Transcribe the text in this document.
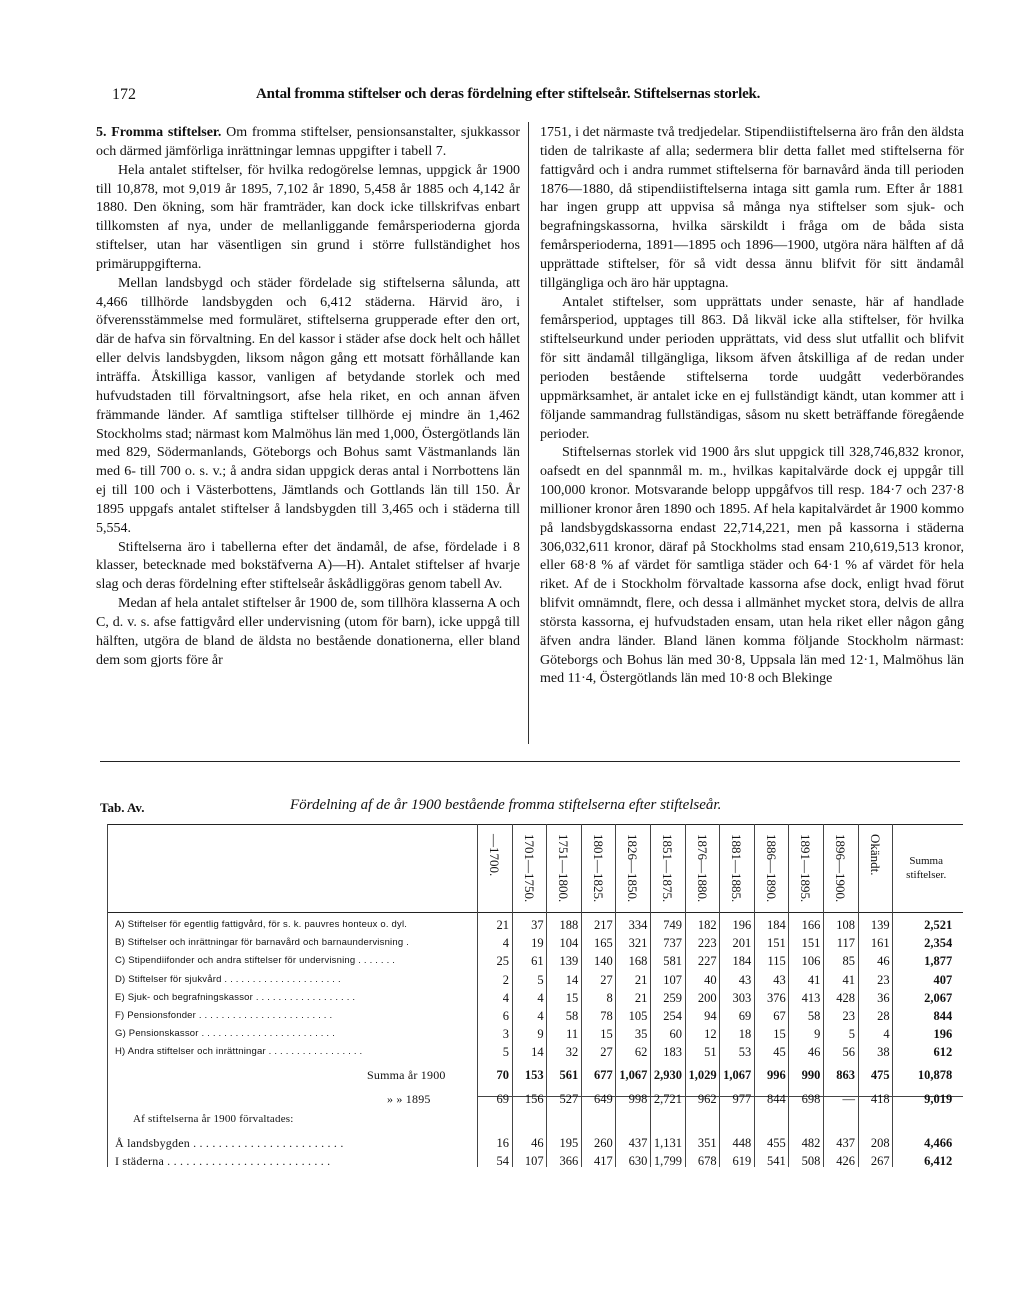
172	Antal fromma stiftelser och deras fördelning efter stiftelseår. Stiftelsernas storlek.

5. Fromma stiftelser. Om fromma stiftelser, pensionsanstalter, sjukkassor och därmed jämförliga inrättningar lemnas uppgifter i tabell 7.

Hela antalet stiftelser, för hvilka redogörelse lemnas, uppgick år 1900 till 10,878, mot 9,019 år 1895, 7,102 år 1890, 5,458 år 1885 och 4,142 år 1880. Den ökning, som här framträder, kan dock icke tillskrifvas enbart tillkomsten af nya, under de mellanliggande femårsperioderna gjorda stiftelser, utan har väsentligen sin grund i större fullständighet hos primäruppgifterna.

Mellan landsbygd och städer fördelade sig stiftelserna sålunda, att 4,466 tillhörde landsbygden och 6,412 städerna. Härvid äro, i öfverensstämmelse med formuläret, stiftelserna grupperade efter den ort, där de hafva sin förvaltning. En del kassor i städer afse dock helt och hållet eller delvis landsbygden, liksom någon gång ett motsatt förhållande kan inträffa. Åtskilliga kassor, vanligen af betydande storlek och med hufvudstaden till förvaltningsort, afse hela riket, en och annan äfven främmande länder. Af samtliga stiftelser tillhörde ej mindre än 1,462 Stockholms stad; närmast kom Malmöhus län med 1,000, Östergötlands län med 829, Södermanlands, Göteborgs och Bohus samt Västmanlands län med 6- till 700 o. s. v.; å andra sidan uppgick deras antal i Norrbottens län ej till 100 och i Västerbottens, Jämtlands och Gottlands län till 150. År 1895 uppgafs antalet stiftelser å landsbygden till 3,465 och i städerna till 5,554.

Stiftelserna äro i tabellerna efter det ändamål, de afse, fördelade i 8 klasser, betecknade med bokstäfverna A)—H). Antalet stiftelser af hvarje slag och deras fördelning efter stiftelseår åskådliggöras genom tabell Av.

Medan af hela antalet stiftelser år 1900 de, som tillhöra klasserna A och C, d. v. s. afse fattigvård eller undervisning (utom för barn), icke uppgå till hälften, utgöra de bland de äldsta no bestående donationerna, eller bland dem som gjorts före år

1751, i det närmaste två tredjedelar. Stipendiistiftelserna äro från den äldsta tiden de talrikaste af alla; sedermera blir detta fallet med stiftelserna för fattigvård och i andra rummet stiftelserna för barnavård ända till perioden 1876—1880, då stipendiistiftelserna intaga sitt gamla rum. Efter år 1881 har ingen grupp att uppvisa så många nya stiftelser som sjuk- och begrafningskassorna, hvilka särskildt i fråga om de båda sista femårsperioderna, 1891—1895 och 1896—1900, utgöra nära hälften af då upprättade stiftelser, för så vidt dessa ännu blifvit för sitt ändamål tillgängliga och äro här upptagna.

Antalet stiftelser, som upprättats under senaste, här af handlade femårsperiod, upptages till 863. Då likväl icke alla stiftelser, för hvilka stiftelseurkund under perioden upprättats, vid dess slut utfallit och blifvit för sitt ändamål tillgängliga, liksom äfven åtskilliga af de redan under perioden bestående stiftelserna torde uudgått vederbörandes uppmärksamhet, är antalet icke en ej fullständigt kändt, utan kommer att i följande sammandrag fullständigas, såsom nu skett beträffande föregående perioder.

Stiftelsernas storlek vid 1900 års slut uppgick till 328,746,832 kronor, oafsedt en del spannmål m. m., hvilkas kapitalvärde dock ej uppgår till 100,000 kronor. Motsvarande belopp uppgåfvos till resp. 184·7 och 237·8 millioner kronor åren 1890 och 1895. Af hela kapitalvärdet år 1900 kommo på landsbygdskassorna endast 22,714,221, men på kassorna i städerna 306,032,611 kronor, däraf på Stockholms stad ensam 210,619,513 kronor, eller 68·8 % af värdet för samtliga städer och 64·1 % af värdet för hela riket. Af de i Stockholm förvaltade kassorna afse dock, enligt hvad förut blifvit omnämndt, flere, och dessa i allmänhet mycket stora, delvis de allra största kassorna, ej hufvudstaden ensam, utan hela riket eller någon gång äfven andra länder. Bland länen komma följande Stockholm närmast: Göteborgs och Bohus län med 30·8, Uppsala län med 12·1, Malmöhus län med 11·4, Östergötlands län med 10·8 och Blekinge

Tab. Av.	Fördelning af de år 1900 bestående fromma stiftelserna efter stiftelseår.
Summa stiftelser.
Af stiftelserna år 1900 förvaltades:
—1700. 1701—1750. 1751—1800. 1801—1825. 1826—1850. 1851—1875. 1876—1880. 1881—1885. 1886—1890. 1891—1895. 1896—1900. Okändt.
A) Stiftelser för egentlig fattigvård, för s. k. pauvres honteux o. dyl.	21	37	188	217	334	749	182	196	184	166	108	139	2,521
B) Stiftelser och inrättningar för barnavård och barnaundervisning .	4	19	104	165	321	737	223	201	151	151	117	161	2,354
C) Stipendiifonder och andra stiftelser för undervisning . . . . . . .	25	61	139	140	168	581	227	184	115	106	85	46	1,877
D) Stiftelser för sjukvård . . . . . . . . . . . . . . . . . . . . .	2	5	14	27	21	107	40	43	43	41	41	23	407
E) Sjuk- och begrafningskassor . . . . . . . . . . . . . . . . . .	4	4	15	8	21	259	200	303	376	413	428	36	2,067
F) Pensionsfonder . . . . . . . . . . . . . . . . . . . . . . . .	6	4	58	78	105	254	94	69	67	58	23	28	844
G) Pensionskassor . . . . . . . . . . . . . . . . . . . . . . . .	3	9	11	15	35	60	12	18	15	9	5	4	196
H) Andra stiftelser och inrättningar . . . . . . . . . . . . . . . . .	5	14	32	27	62	183	51	53	45	46	56	38	612
Summa år 1900	70	153	561	677 1,067 2,930 1,029 1,067	996	990	863	475	10,878
» » 1895	69	156	527	649	998 2,721	962	977	844	698	—	418	9,019
Å landsbygden . . . . . . . . . . . . . . . . . . . . . . . .	16	46	195	260	437 1,131	351	448	455	482	437	208	4,466
I städerna . . . . . . . . . . . . . . . . . . . . . . . . . .	54	107	366	417	630 1,799	678	619	541	508	426	267	6,412
